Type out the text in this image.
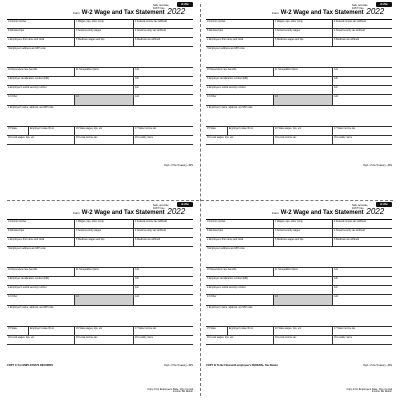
Form W-2 Wage and Tax Statement 2022
Safe, accurate, FAST! Use
E-file
d Control number	1 Wages, tips, other comp.	2 Federal income tax withheld
8 Allocated tips	3 Social security wages	4 Social security tax withheld
e Employee's first name and initial	5 Medicare wages and tips	6 Medicare tax withheld
f Employee's address and ZIP code
10 Dependent care benefits	11 Nonqualified plans	12a
b Employer identification number (EIN)	12b
a Employee's social security number	12c
14 Other	13	12d
c Employer's name, address, and ZIP code
15 State	Employer's state ID no.	16 State wages, tips, etc.	17 State income tax
18 Local wages, tips, etc.	19 Local income tax	20 Locality name
Dept. of the Treasury—IRS
Form W-2 Wage and Tax Statement 2022
Safe, accurate, FAST! Use
E-file
d Control number	1 Wages, tips, other comp.	2 Federal income tax withheld
8 Allocated tips	3 Social security wages	4 Social security tax withheld
e Employee's first name and initial	5 Medicare wages and tips	6 Medicare tax withheld
f Employee's address and ZIP code
10 Dependent care benefits	11 Nonqualified plans	12a
b Employer identification number (EIN)	12b
a Employee's social security number	12c
14 Other	13	12d
c Employer's name, address, and ZIP code
15 State	Employer's state ID no.	16 State wages, tips, etc.	17 State income tax
18 Local wages, tips, etc.	19 Local income tax	20 Locality name
Dept. of the Treasury—IRS
Form W-2 Wage and Tax Statement 2022
Safe, accurate, FAST! Use
E-file
d Control number	1 Wages, tips, other comp.	2 Federal income tax withheld
8 Allocated tips	3 Social security wages	4 Social security tax withheld
e Employee's first name and initial	5 Medicare wages and tips	6 Medicare tax withheld
f Employee's address and ZIP code
10 Dependent care benefits	11 Nonqualified plans	12a
b Employer identification number (EIN)	12b
a Employee's social security number	12c
14 Other	13	12d
c Employer's name, address, and ZIP code
15 State	Employer's state ID no.	16 State wages, tips, etc.	17 State income tax
18 Local wages, tips, etc.	19 Local income tax	20 Locality name
COPY C For EMPLOYEE'S RECORDS	Dept. of the Treasury—IRS
Copy 2 For Employee's State, City or Local Income Tax Return
Form W-2 Wage and Tax Statement 2022
Safe, accurate, FAST! Use
E-file
d Control number	1 Wages, tips, other comp.	2 Federal income tax withheld
8 Allocated tips	3 Social security wages	4 Social security tax withheld
e Employee's first name and initial	5 Medicare wages and tips	6 Medicare tax withheld
f Employee's address and ZIP code
10 Dependent care benefits	11 Nonqualified plans	12a
b Employer identification number (EIN)	12b
a Employee's social security number	12c
14 Other	13	12d
c Employer's name, address, and ZIP code
15 State	Employer's state ID no.	16 State wages, tips, etc.	17 State income tax
18 Local wages, tips, etc.	19 Local income tax	20 Locality name
COPY B To Be Filed with employee's FEDERAL Tax Return	Dept. of the Treasury—IRS
Copy 2 For Employee's State, City or Local Income Tax Return
